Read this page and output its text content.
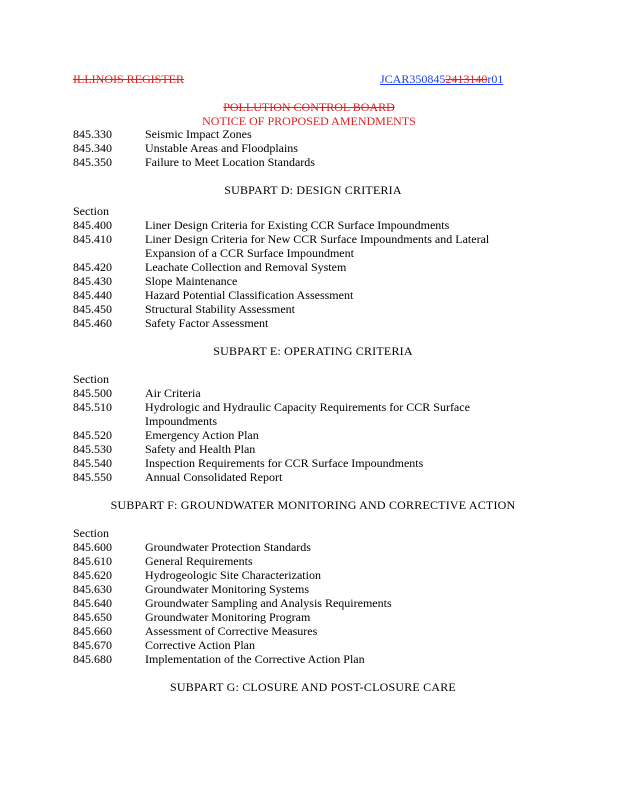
ILLINOIS REGISTER	JCAR3508452413140r01
POLLUTION CONTROL BOARD
NOTICE OF PROPOSED AMENDMENTS
845.330	Seismic Impact Zones
845.340	Unstable Areas and Floodplains
845.350	Failure to Meet Location Standards
SUBPART D: DESIGN CRITERIA
Section
845.400	Liner Design Criteria for Existing CCR Surface Impoundments
845.410	Liner Design Criteria for New CCR Surface Impoundments and Lateral
Expansion of a CCR Surface Impoundment
845.420	Leachate Collection and Removal System
845.430	Slope Maintenance
845.440	Hazard Potential Classification Assessment
845.450	Structural Stability Assessment
845.460	Safety Factor Assessment
SUBPART E: OPERATING CRITERIA
Section
845.500	Air Criteria
845.510	Hydrologic and Hydraulic Capacity Requirements for CCR Surface
Impoundments
845.520	Emergency Action Plan
845.530	Safety and Health Plan
845.540	Inspection Requirements for CCR Surface Impoundments
845.550	Annual Consolidated Report
SUBPART F: GROUNDWATER MONITORING AND CORRECTIVE ACTION
Section
845.600	Groundwater Protection Standards
845.610	General Requirements
845.620	Hydrogeologic Site Characterization
845.630	Groundwater Monitoring Systems
845.640	Groundwater Sampling and Analysis Requirements
845.650	Groundwater Monitoring Program
845.660	Assessment of Corrective Measures
845.670	Corrective Action Plan
845.680	Implementation of the Corrective Action Plan
SUBPART G: CLOSURE AND POST-CLOSURE CARE
